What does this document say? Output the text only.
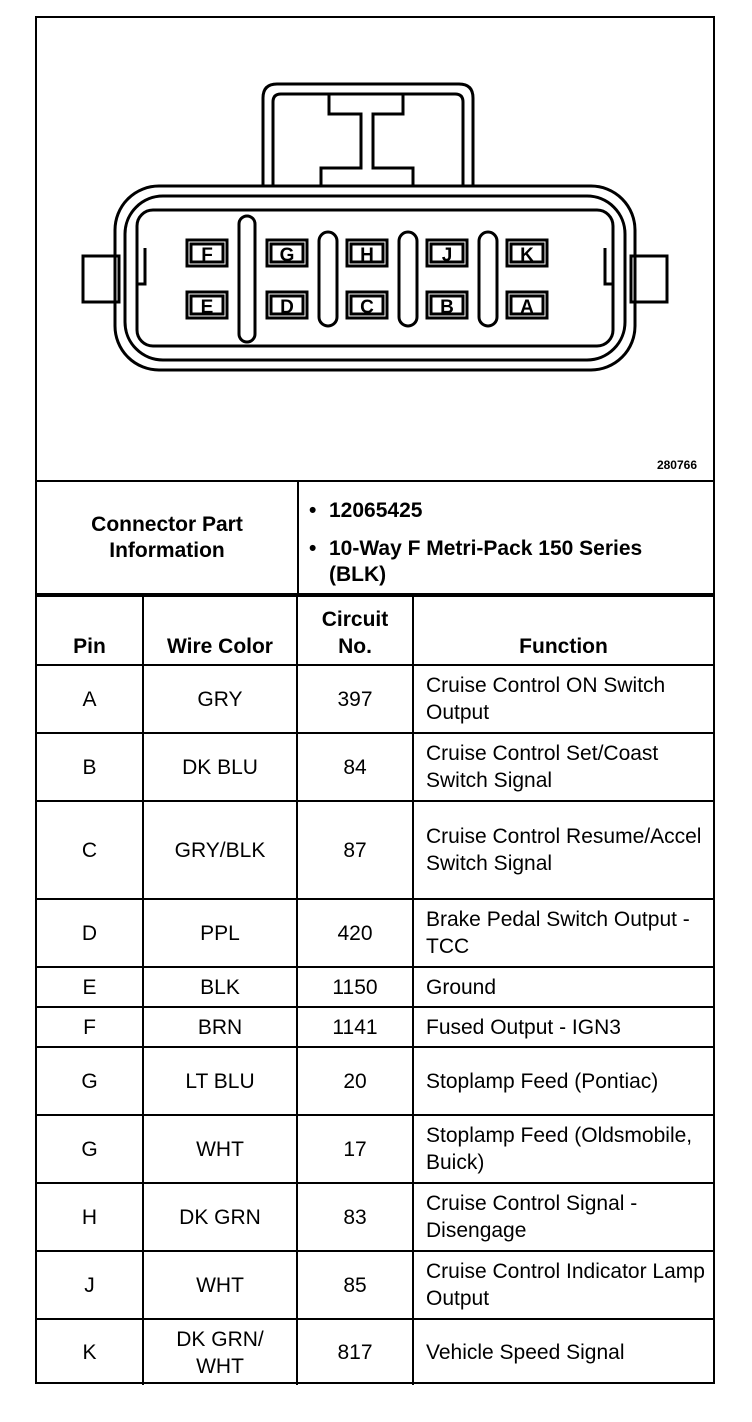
F	G	H	J	K
E	D	C	B	A
280766
Connector Part Information
• 12065425
• 10-Way F Metri-Pack 150 Series (BLK)
Pin	Wire Color	Circuit No.	Function
A	GRY	397	Cruise Control ON Switch Output
B	DK BLU	84	Cruise Control Set/Coast Switch Signal
C	GRY/BLK	87	Cruise Control Resume/Accel Switch Signal
D	PPL	420	Brake Pedal Switch Output - TCC
E	BLK	1150	Ground
F	BRN	1141	Fused Output - IGN3
G	LT BLU	20	Stoplamp Feed (Pontiac)
G	WHT	17	Stoplamp Feed (Oldsmobile, Buick)
H	DK GRN	83	Cruise Control Signal - Disengage
J	WHT	85	Cruise Control Indicator Lamp Output
K	DK GRN/ WHT	817	Vehicle Speed Signal
